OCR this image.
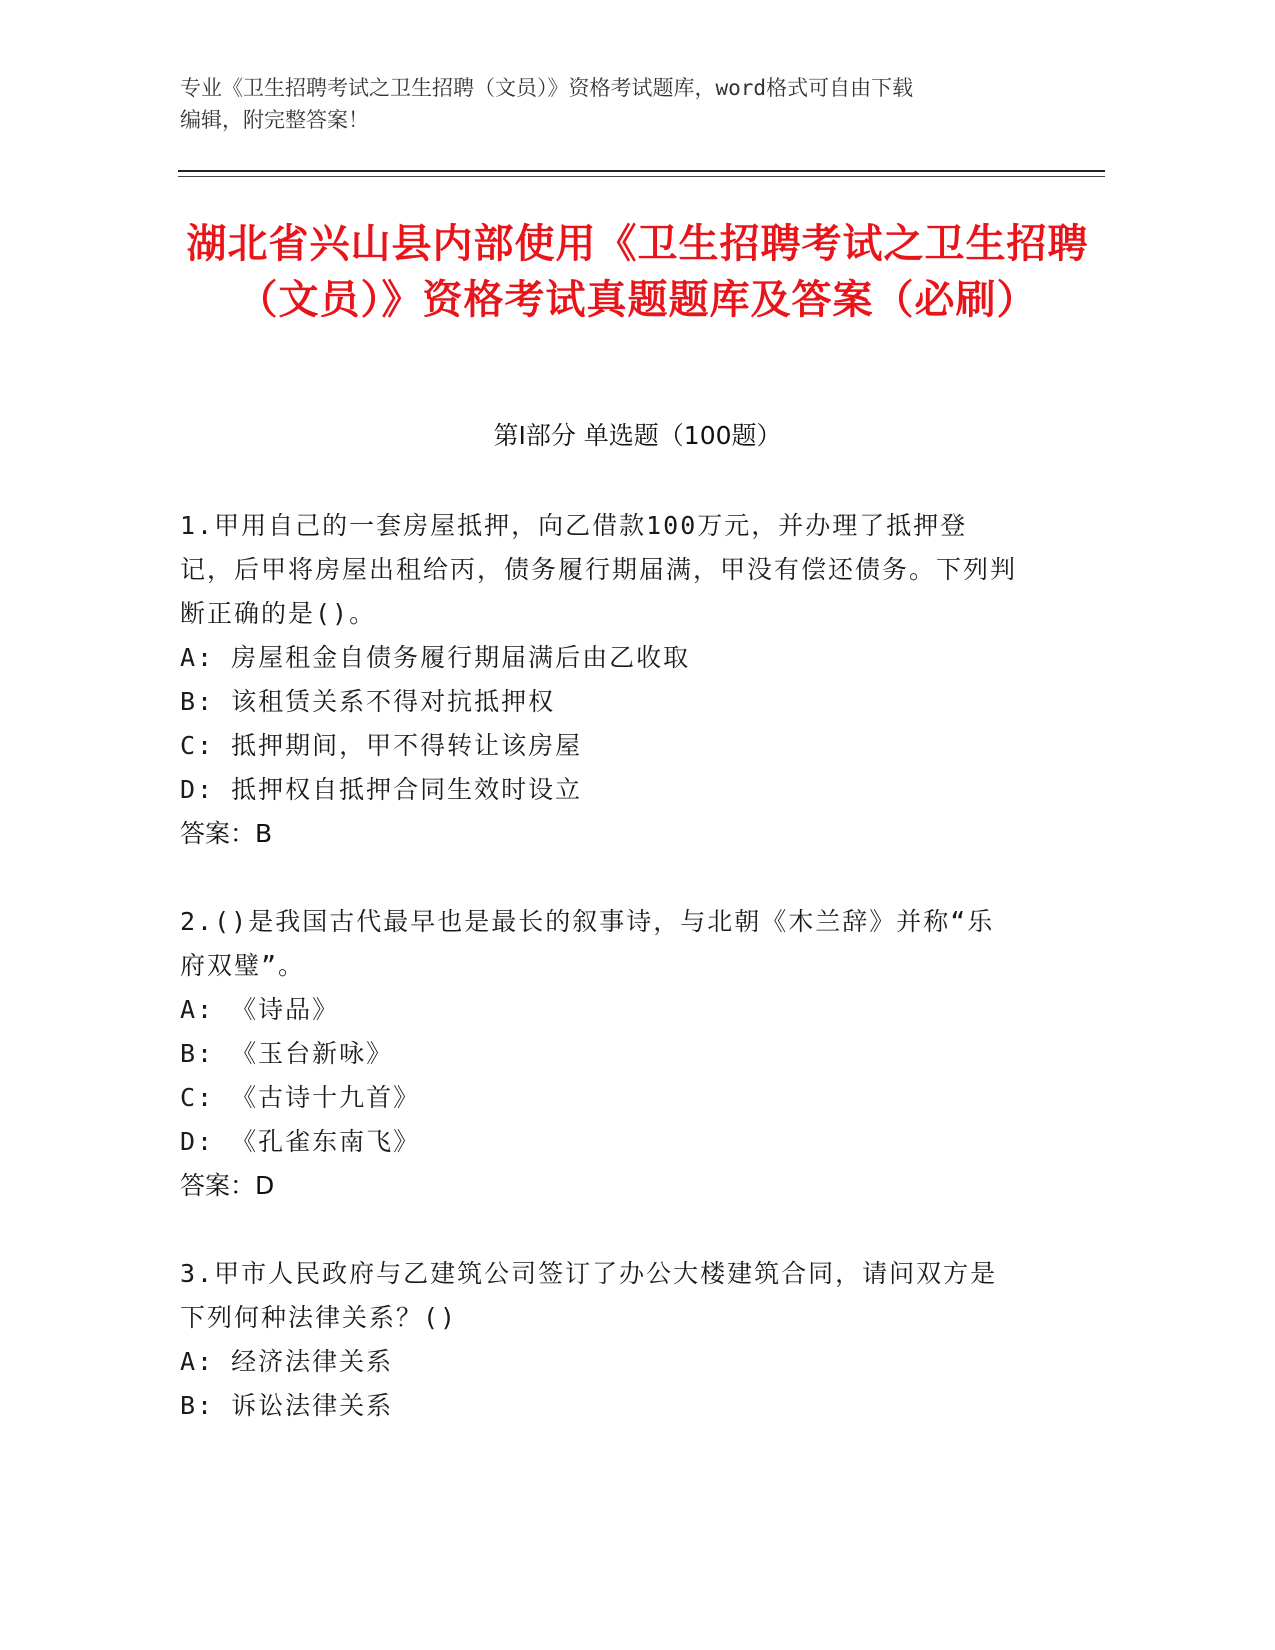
专业《卫生招聘考试之卫生招聘（文员）》资格考试题库，word格式可自由下载
编辑，附完整答案！
湖北省兴山县内部使用《卫生招聘考试之卫生招聘（文员）》资格考试真题题库及答案（必刷）
第Ⅰ部分 单选题（100题）
1.甲用自己的一套房屋抵押，向乙借款100万元，并办理了抵押登记，后甲将房屋出租给丙，债务履行期届满，甲没有偿还债务。下列判断正确的是()。
A: 房屋租金自债务履行期届满后由乙收取
B: 该租赁关系不得对抗抵押权
C: 抵押期间，甲不得转让该房屋
D: 抵押权自抵押合同生效时设立
答案：B
2.()是我国古代最早也是最长的叙事诗，与北朝《木兰辞》并称“乐府双璧”。
A: 《诗品》
B: 《玉台新咏》
C: 《古诗十九首》
D: 《孔雀东南飞》
答案：D
3.甲市人民政府与乙建筑公司签订了办公大楼建筑合同，请问双方是下列何种法律关系？()
A: 经济法律关系
B: 诉讼法律关系
